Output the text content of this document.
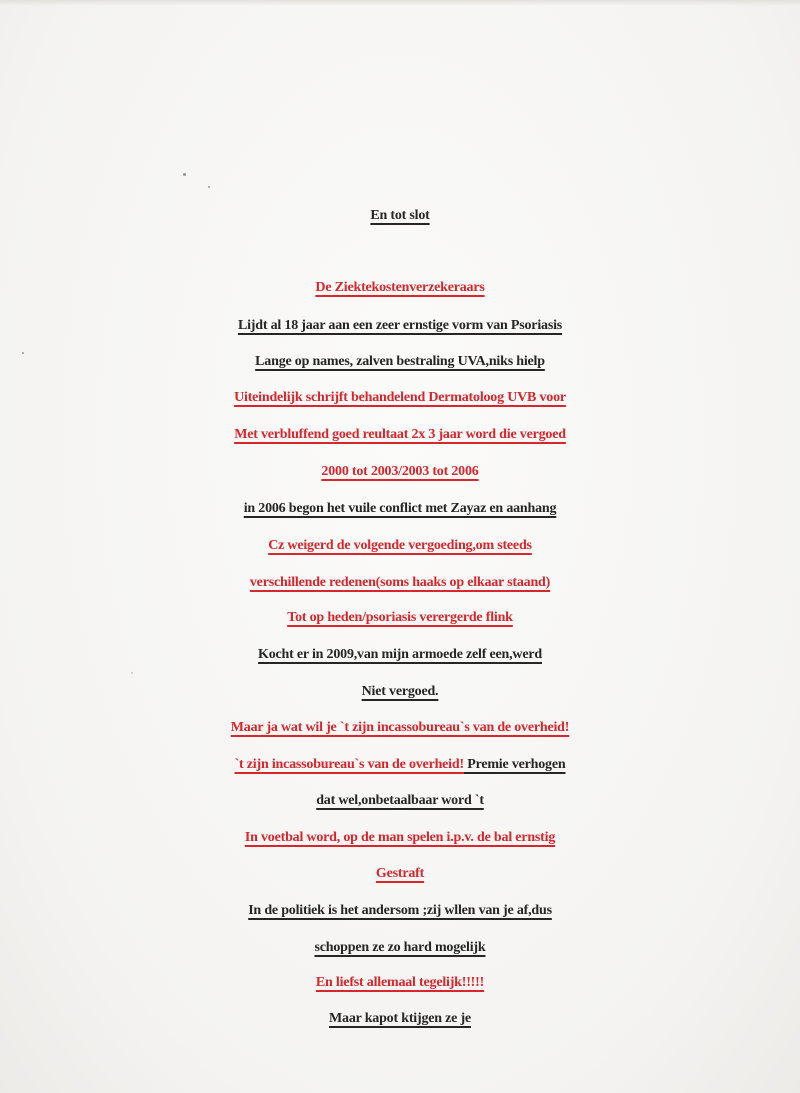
En tot slot
De Ziektekostenverzekeraars
Lijdt al 18 jaar aan een zeer ernstige vorm van Psoriasis
Lange op names, zalven bestraling UVA,niks hielp
Uiteindelijk schrijft behandelend Dermatoloog UVB voor
Met verbluffend goed reultaat 2x 3 jaar word die vergoed
2000 tot 2003/2003 tot 2006
in 2006 begon het vuile conflict met Zayaz en aanhang
Cz weigerd de volgende vergoeding,om steeds
verschillende redenen(soms haaks op elkaar staand)
Tot op heden/psoriasis verergerde flink
Kocht er in 2009,van mijn armoede zelf een,werd
Niet vergoed.
Maar ja wat wil je `t zijn incassobureau`s van de overheid!
`t zijn incassobureau`s van de overheid! Premie verhogen
dat wel,onbetaalbaar word `t
In voetbal word, op de man spelen i.p.v. de bal ernstig
Gestraft
In de politiek is het andersom ;zij wllen van je af,dus
schoppen ze zo hard mogelijk
En liefst allemaal tegelijk!!!!!
Maar kapot ktijgen ze je
